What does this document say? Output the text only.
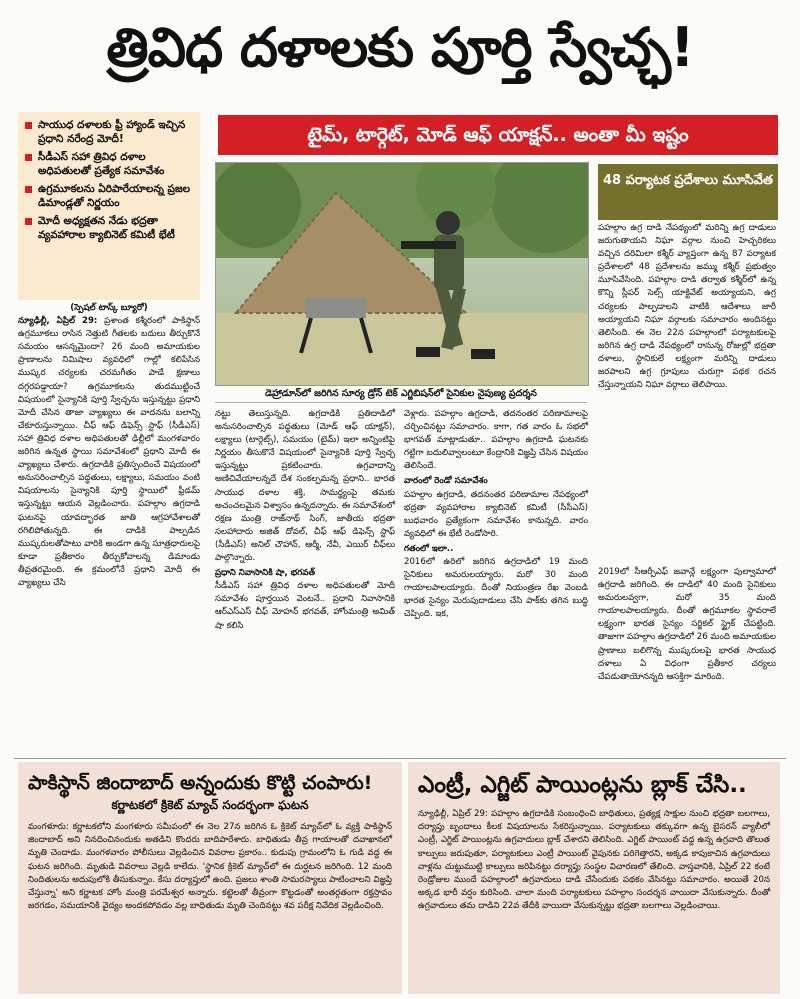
త్రివిధ దళాలకు పూర్తి స్వేచ్ఛ!
సాయుధ దళాలకు ఫ్రీ హ్యాండ్ ఇచ్చిన ప్రధాని నరేంద్ర మోదీ!
సీడీఎస్ సహా త్రివిధ దళాల అధిపతులతో ప్రత్యేక సమావేశం
ఉగ్రమూకలను ఏరిపారేయాలన్న ప్రజల డిమాండ్లతో నిర్ణయం
మోదీ అధ్యక్షతన నేడు భద్రతా వ్యవహారాల క్యాబినెట్ కమిటీ భేటీ
టైమ్, టార్గెట్, మోడ్ ఆఫ్ యాక్షన్.. అంతా మీ ఇష్టం
డెహ్రాడూన్‌లో జరిగిన సూర్య డ్రోన్ టెక్ ఎగ్జిబిషన్‌లో సైనికుల నైపుణ్య ప్రదర్శన
(స్పెషల్ టాస్క్ బ్యూరో)
న్యూఢిల్లీ, ఏప్రిల్ 29: ప్రశాంత కశ్మీరంలో పాకిస్థాన్ ఉగ్రమూకలు రాసిన నెత్తుటి గీతలకు బదులు తీర్చుకొనే సమయం ఆసన్నమైందా? 26 మంది అమాయకుల ప్రాణాలను నిమిషాల వ్యవధిలో గాల్లో కలిపేసిన ముష్కర చర్యలకు చరమగీతం పాడే క్షణాలు దగ్గరపడ్డాయా? ఉగ్రమూకలను తుదముట్టించే విషయంలో సైన్యానికి పూర్తి స్వేచ్ఛను ఇస్తున్నట్టు ప్రధాని మోదీ చేసిన తాజా వ్యాఖ్యలు ఈ వాదనను బలాన్ని చేకూరుస్తున్నాయి. చీఫ్ ఆఫ్ డిఫెన్స్ స్టాఫ్ (సీడీఎస్) సహా త్రివిధ దళాల అధిపతులతో ఢిల్లీలో మంగళవారం జరిగిన ఉన్నత స్థాయి సమావేశంలో ప్రధాని మోదీ ఈ వ్యాఖ్యలు చేశారు. ఉగ్రదాడికి ప్రతిస్పందించే విషయంలో అనుసరించాల్సిన పద్ధతులు, లక్ష్యాలు, సమయం వంటి విషయాలను సైన్యానికి పూర్తి స్థాయిలో ఫ్రీడమ్ ఇస్తున్నట్టు ఆయన వెల్లడించారు. పహల్గాం ఉగ్రదాడి ఘటనపై యావద్భారత జాతి ఆగ్రహావేశాలతో రగిలిపోతున్నది. ఈ దాడికి పాల్పడిన ముష్కరులతోపాటు వారికి అండగా ఉన్న సూత్రధారులపై కూడా ప్రతీకారం తీర్చుకోవాలన్న డిమాండు తీవ్రతరమైంది. ఈ క్రమంలోనే ప్రధాని మోదీ ఈ వ్యాఖ్యలు చేసి
నట్టు తెలుస్తున్నది. ఉగ్రదాడికి ప్రతిదాడిలో అనుసరించాల్సిన పద్ధతులు (మోడ్ ఆఫ్ యాక్షన్), లక్ష్యాలు (టార్గెట్స్), సమయం (టైమ్) ఇలా అన్నింటిపై నిర్ణయం తీసుకొనే విషయంలో సైన్యానికి పూర్తి స్వేచ్ఛ ఇస్తున్నట్టు ప్రకటించారు. ఉగ్రవాదాన్ని అణిచివేయాలన్నదే దేశ సంకల్పమన్న ప్రధాని.. భారత సాయుధ దళాల శక్తి, సామర్థ్యంపై తమకు అచంచలమైన విశ్వాసం ఉన్నదన్నారు. ఈ సమావేశంలో రక్షణ మంత్రి రాజ్‌నాథ్ సింగ్, జాతీయ భద్రతా సలహాదారు అజిత్ దోవల్, చీఫ్ ఆఫ్ డిఫెన్స్ స్టాఫ్ (సీడీఎస్) అనిల్ చౌహాన్, ఆర్మీ, నేవీ, ఎయిర్ చీఫ్‌లు పాల్గొన్నారు.
ప్రధాని నివాసానికి షా, భగవత్
సీడీఎస్ సహా త్రివిధ దళాల అధిపతులతో మోదీ సమావేశం పూర్తయిన వెంటనే.. ప్రధాని నివాసానికి ఆర్ఎస్ఎస్ చీఫ్ మోహన్ భగవత్, హోంమంత్రి అమిత్ షా కలిసి
వెళ్లారు. పహల్గాం ఉగ్రదాడి, తదనంతర పరిణామాలపై చర్చించినట్టు సమాచారం. కాగా, గత వారం ఓ సభలో భాగవత్ మాట్లాడుతూ.. పహల్గాం ఉగ్రదాడి ఘటనకు గట్టిగా బదులివ్వాలంటూ కేంద్రానికి విజ్ఞప్తి చేసిన విషయం తెలిసిందే.
వారంలో రెండో సమావేశం
పహల్గాం ఉగ్రదాడి, తదనంతర పరిణామాల నేపథ్యంలో భద్రతా వ్యవహారాల క్యాబినెట్ కమిటీ (సీసీఎస్) బుధవారం ప్రత్యేకంగా సమావేశం కానున్నది. వారం వ్యవధిలో ఈ భేటీ రెండోసారి.
గతంలో ఇలా..
2016లో ఉరిలో జరిగిన ఉగ్రదాడిలో 19 మంది సైనికులు అమరులయ్యారు. మరో 30 మంది గాయాలపాలయ్యారు. దీంతో నియంత్రణ రేఖ వెంబడి భారత సైన్యం మెరుపుదాడులు చేసి పాక్‌కు తగిన బుద్ధి చెప్పింది. ఇక,
48 పర్యాటక ప్రదేశాలు మూసివేత
పహల్గాం ఉగ్ర దాడి నేపథ్యంలో మరిన్ని ఉగ్ర దాడులు జరుగుతాయని నిఘా వర్గాల నుంచి హెచ్చరికలు వచ్చిన దరిమిలా కశ్మీర్ వ్యాప్తంగా ఉన్న 87 పర్యాటక ప్రదేశాలలో 48 ప్రదేశాలను జమ్ము కశ్మీర్ ప్రభుత్వం మూసివేసింది. పహల్గాం దాడి తర్వాత కశ్మీర్‌లో ఉన్న కొన్ని స్లీపర్ సెల్స్ యాక్టివేట్ అయ్యాయని, ఉగ్ర చర్యలకు పాల్పడాలని వాటికి ఆదేశాలు జారీ అయ్యాయని నిఘా వర్గాలకు సమాచారం అందినట్టు తెలిసింది. ఈ నెల 22న పహల్గాంలో పర్యాటకులపై జరిగిన ఉగ్ర దాడి నేపథ్యంలో రానున్న రోజుల్లో భద్రతా దళాలు, స్థానికులే లక్ష్యంగా మరిన్ని దాడులు జరపాలని ఉగ్ర గ్రూపులు చురుగ్గా పథక రచన చేస్తున్నాయని నిఘా వర్గాలు తెలిపాయి.
2019లో సీఆర్పీఎఫ్ జవాన్లే లక్ష్యంగా పుల్వామాలో ఉగ్రదాడి జరిగింది. ఈ దాడిలో 40 మంది సైనికులు అమరులవ్వగా, మరో 35 మంది గాయాలపాలయ్యారు. దీంతో ఉగ్రమూకల స్థావరాలే లక్ష్యంగా భారత సైన్యం సర్జికల్ స్ట్రైక్ చేపట్టింది. తాజాగా పహల్గాం ఉగ్రదాడిలో 26 మంది అమాయకుల ప్రాణాలు బలిగొన్న ముష్కరులపై భారత సాయుధ దళాలు ఏ విధంగా ప్రతీకార చర్యలు చేపడుతాయోనన్నది ఆసక్తిగా మారింది.
పాకిస్థాన్ జిందాబాద్ అన్నందుకు కొట్టి చంపారు!
కర్ణాటకలో క్రికెట్ మ్యాచ్ సందర్భంగా ఘటన
మంగళూరు: కర్ణాటకలోని మంగళూరు సమీపంలో ఈ నెల 27న జరిగిన ఓ క్రికెట్ మ్యాచ్‌లో ఓ వ్యక్తి పాకిస్థాన్ జిందాబాద్ అని నినదించినందుకు అతడిని కొందరు బాదిపారేశారు. బాధితుడు తీవ్ర గాయాలతో దవాఖానలో మృతి చెందాడు. మంగళవారం పోలీసులు వెల్లడించిన వివరాల ప్రకారం.. కుడుపు గ్రామంలోని ఓ గుడి వద్ద ఈ ఘటన జరిగింది. మృతుడి వివరాలు వెల్లడి కాలేదు. 'స్థానిక క్రికెట్ మ్యాచ్‌లో ఈ దుర్ఘటన జరిగింది. 12 మంది నిందితులను అదుపులోకి తీసుకున్నాం. కేసు దర్యాప్తులో ఉంది. ప్రజలు శాంతి సామరస్యాలు పాటించాలని విజ్ఞప్తి చేస్తున్నా' అని కర్ణాటక హోం మంత్రి పరమేశ్వర అన్నారు. కట్టెలతో తీవ్రంగా కొట్టడంతో అంతర్గతంగా రక్తస్రావం జరగడం, సమయానికి వైద్యం అందకపోవడం వల్ల బాధితుడు మృతి చెందినట్టు శవ పరీక్ష నివేదిక వెల్లడించింది.
ఎంట్రీ, ఎగ్జిట్ పాయింట్లను బ్లాక్ చేసి..
న్యూఢిల్లీ, ఏప్రిల్ 29: పహల్గాం ఉగ్రదాడికి సంబంధించి బాధితులు, ప్రత్యక్ష సాక్షుల నుంచి భద్రతా బలగాలు, దర్యాప్తు బృందాలు కీలక విషయాలను సేకరిస్తున్నాయి. పర్యాటకులు తక్కువగా ఉన్న బైసరన్ వ్యాలీలో ఎంట్రీ, ఎగ్జిట్ పాయింట్లను ఉగ్రవాదులు బ్లాక్ చేశారని తెలిసింది. ఎగ్జిట్ పాయింట్ వద్ద ఉన్న ఉగ్రవాది తొలుత కాల్పులు జరుపుతూ, పర్యాటకులు ఎంట్రీ పాయింట్ వైపునకు పరిగెత్తారని, అక్కడ కాపుకాచిన ఉగ్రవాదులు వాళ్లను చుట్టుముట్టి కాల్పులు జరిపినట్టు దర్యాప్తు సంస్థల విచారణలో తేలింది. వాస్తవానికి, ఏప్రిల్ 22 కంటే రెండ్రోజుల ముందే పహల్గాంలో ఉగ్రవాదులు దాడి చేసేందుకు పథకం వేసినట్టు సమాచారం. అయితే 20న అక్కడ భారీ వర్షం కురిసింది. చాలా మంది పర్యాటకులు పహల్గాం సందర్శన వాయిదా వేసుకున్నారు. దీంతో ఉగ్రవాదులు తమ దాడిని 22వ తేదీకి వాయిదా వేసుకున్నట్టు భద్రతా బలగాలు వెల్లడించాయి.
